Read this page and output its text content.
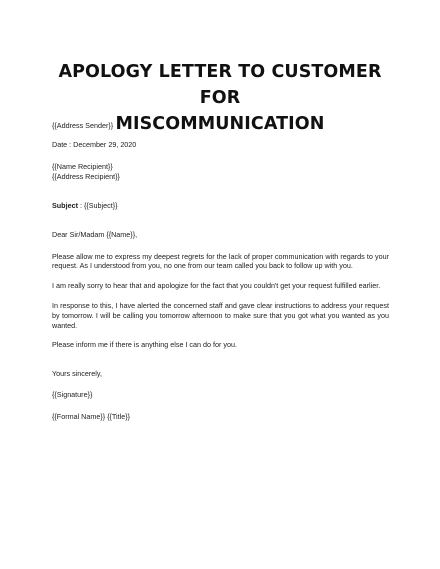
APOLOGY LETTER TO CUSTOMER FOR
MISCOMMUNICATION

{{Address Sender}}

Date : December 29, 2020

{{Name Recipient}}

{{Address Recipient}}

Subject : {{Subject}}

Dear Sir/Madam {{Name}},

Please allow me to express my deepest regrets for the lack of proper communication with regards to your request. As I understood from you, no one from our team called you back to follow up with you.

I am really sorry to hear that and apologize for the fact that you couldn't get your request fulfilled earlier.

In response to this, I have alerted the concerned staff and gave clear instructions to address your request by tomorrow. I will be calling you tomorrow afternoon to make sure that you got what you wanted as you wanted.

Please inform me if there is anything else I can do for you.

Yours sincerely,

{{Signature}}

{{Formal Name}} {{Title}}
